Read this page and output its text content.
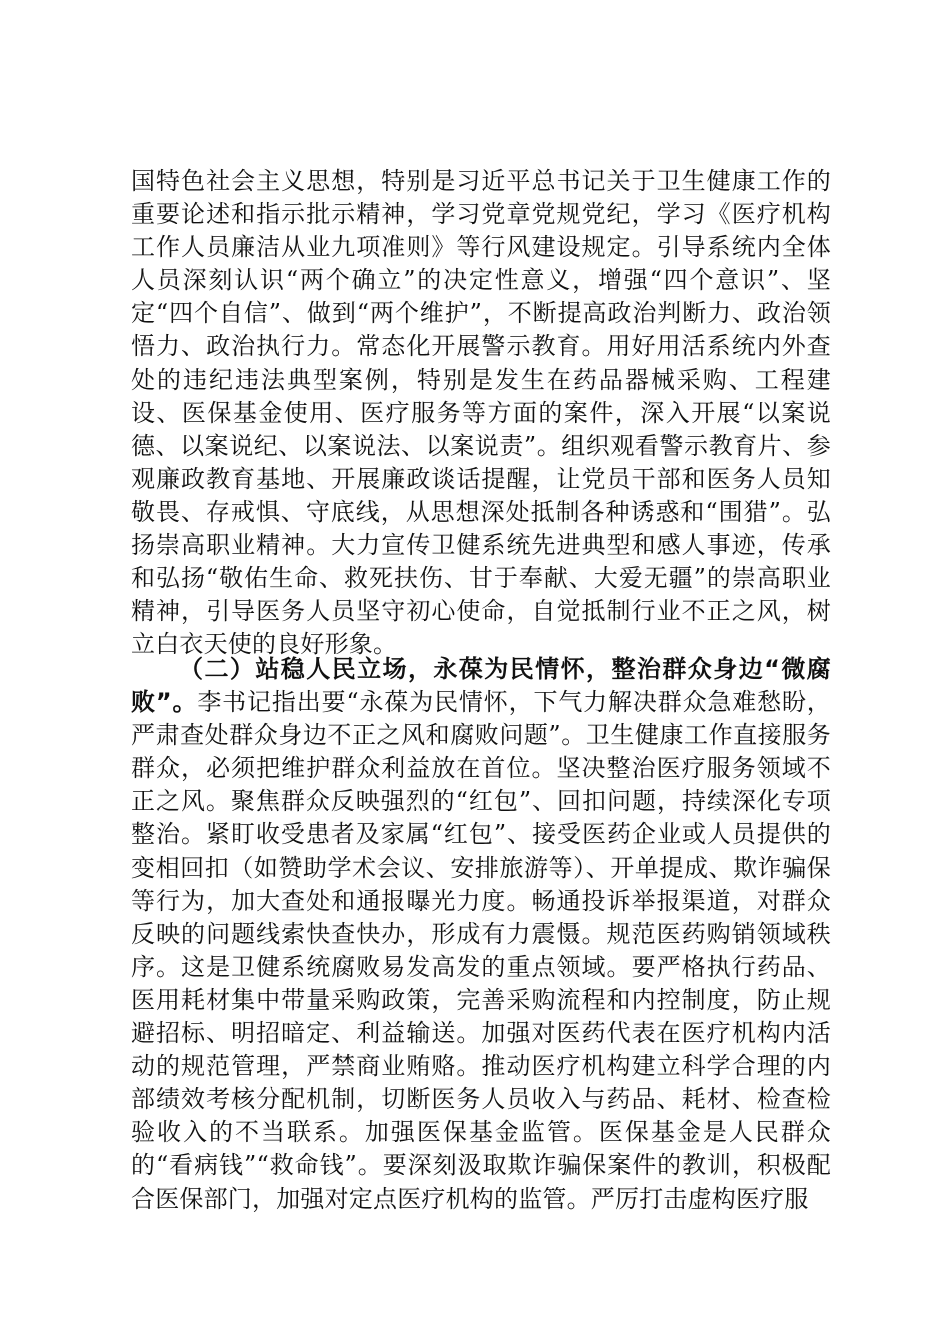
国特色社会主义思想，特别是习近平总书记关于卫生健康工作的重要论述和指示批示精神，学习党章党规党纪，学习《医疗机构工作人员廉洁从业九项准则》等行风建设规定。引导系统内全体人员深刻认识“两个确立”的决定性意义，增强“四个意识”、坚定“四个自信”、做到“两个维护”，不断提高政治判断力、政治领悟力、政治执行力。常态化开展警示教育。用好用活系统内外查处的违纪违法典型案例，特别是发生在药品器械采购、工程建设、医保基金使用、医疗服务等方面的案件，深入开展“以案说德、以案说纪、以案说法、以案说责”。组织观看警示教育片、参观廉政教育基地、开展廉政谈话提醒，让党员干部和医务人员知敬畏、存戒惧、守底线，从思想深处抵制各种诱惑和“围猎”。弘扬崇高职业精神。大力宣传卫健系统先进典型和感人事迹，传承和弘扬“敬佑生命、救死扶伤、甘于奉献、大爱无疆”的崇高职业精神，引导医务人员坚守初心使命，自觉抵制行业不正之风，树立白衣天使的良好形象。
（二）站稳人民立场，永葆为民情怀，整治群众身边“微腐败”。李书记指出要“永葆为民情怀，下气力解决群众急难愁盼，严肃查处群众身边不正之风和腐败问题”。卫生健康工作直接服务群众，必须把维护群众利益放在首位。坚决整治医疗服务领域不正之风。聚焦群众反映强烈的“红包”、回扣问题，持续深化专项整治。紧盯收受患者及家属“红包”、接受医药企业或人员提供的变相回扣（如赞助学术会议、安排旅游等）、开单提成、欺诈骗保等行为，加大查处和通报曝光力度。畅通投诉举报渠道，对群众反映的问题线索快查快办，形成有力震慑。规范医药购销领域秩序。这是卫健系统腐败易发高发的重点领域。要严格执行药品、医用耗材集中带量采购政策，完善采购流程和内控制度，防止规避招标、明招暗定、利益输送。加强对医药代表在医疗机构内活动的规范管理，严禁商业贿赂。推动医疗机构建立科学合理的内部绩效考核分配机制，切断医务人员收入与药品、耗材、检查检验收入的不当联系。加强医保基金监管。医保基金是人民群众的“看病钱”“救命钱”。要深刻汲取欺诈骗保案件的教训，积极配合医保部门，加强对定点医疗机构的监管。严厉打击虚构医疗服
